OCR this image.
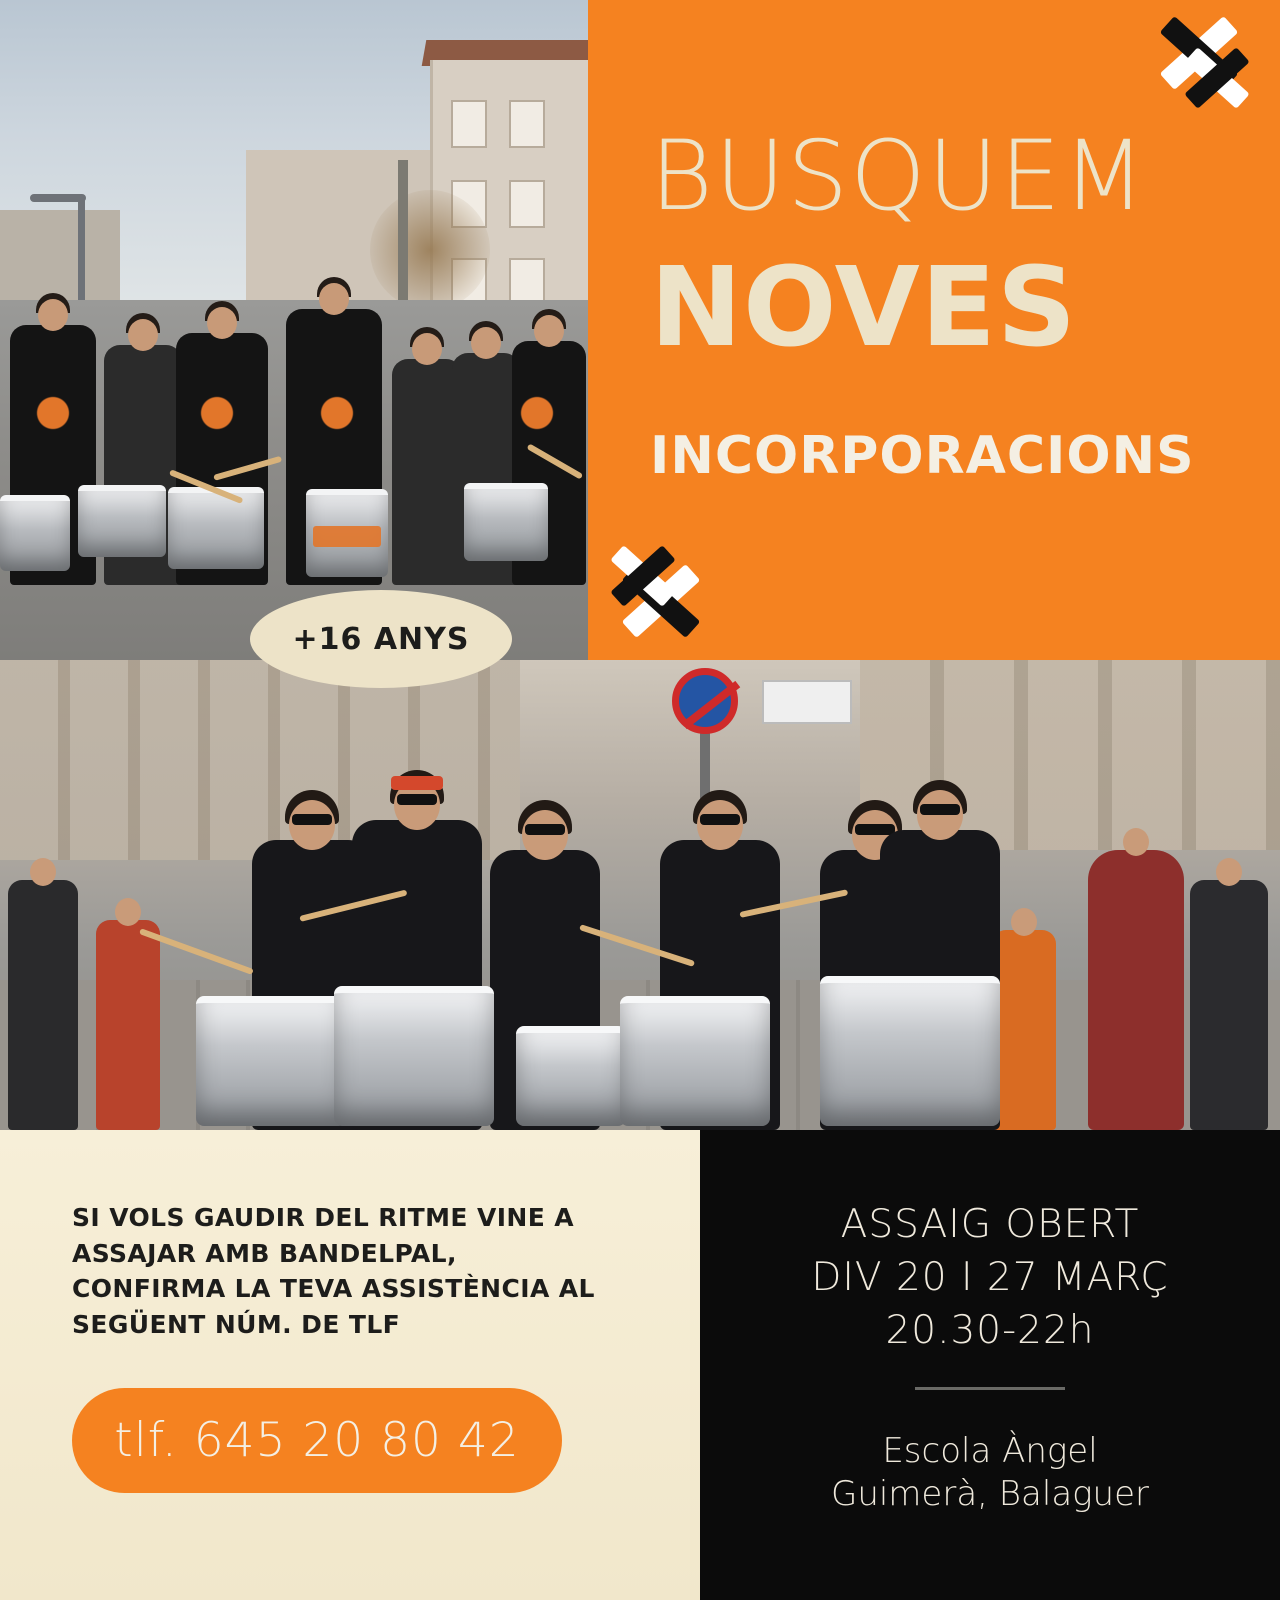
BUSQUEM
NOVES
INCORPORACIONS
+16 ANYS

SI VOLS GAUDIR DEL RITME VINE A ASSAJAR AMB BANDELPAL, CONFIRMA LA TEVA ASSISTÈNCIA AL SEGÜENT NÚM. DE TLF

tlf. 645 20 80 42
ASSAIG OBERT
DIV 20 I 27 MARÇ
20.30-22h
Escola Àngel
Guimerà, Balaguer
